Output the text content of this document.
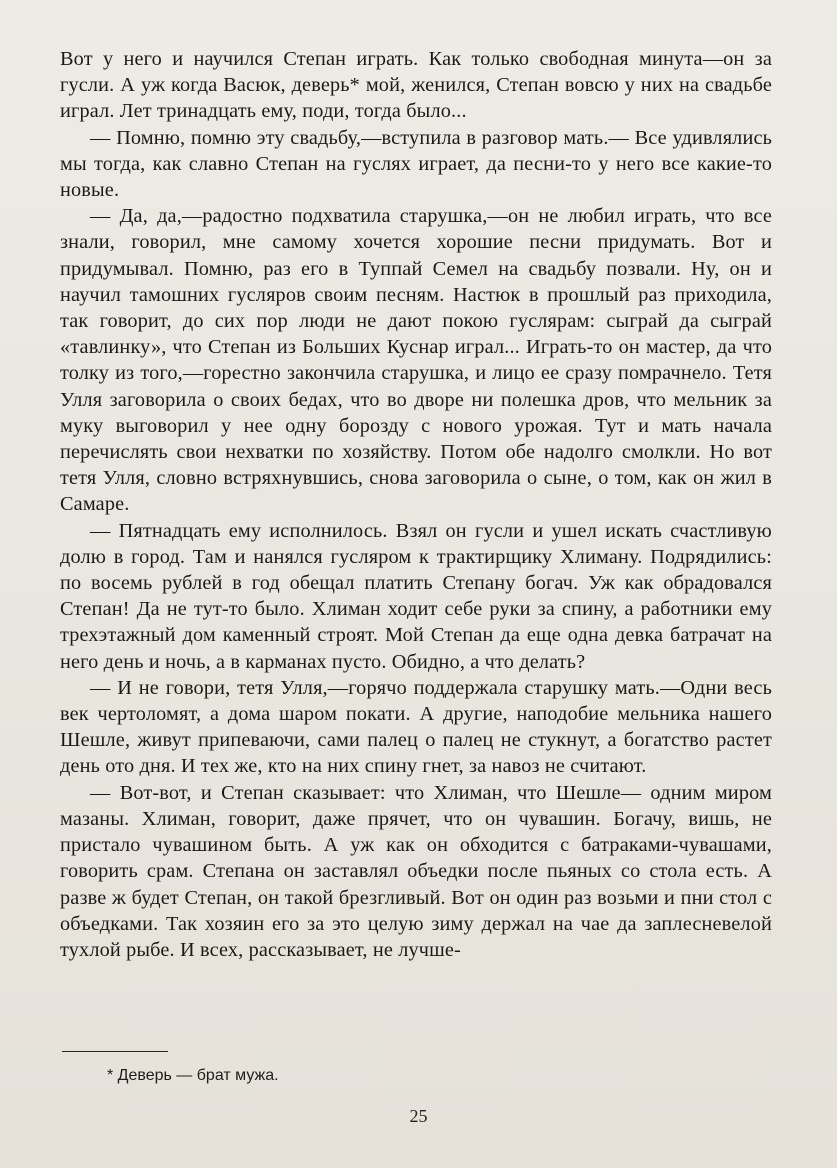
Вот у него и научился Степан играть. Как только свободная минута—он за гусли. А уж когда Васюк, деверь* мой, женился, Степан вовсю у них на свадьбе играл. Лет тринадцать ему, поди, тогда было...

— Помню, помню эту свадьбу,—вступила в разговор мать.— Все удивлялись мы тогда, как славно Степан на гуслях играет, да песни-то у него все какие-то новые.

— Да, да,—радостно подхватила старушка,—он не любил играть, что все знали, говорил, мне самому хочется хорошие песни придумать. Вот и придумывал. Помню, раз его в Туппай Семел на свадьбу позвали. Ну, он и научил тамошних гусляров своим песням. Настюк в прошлый раз приходила, так говорит, до сих пор люди не дают покою гуслярам: сыграй да сыграй «тавлинку», что Степан из Больших Куснар играл... Играть-то он мастер, да что толку из того,—горестно закончила старушка, и лицо ее сразу помрачнело. Тетя Улля заговорила о своих бедах, что во дворе ни полешка дров, что мельник за муку выговорил у нее одну борозду с нового урожая. Тут и мать начала перечислять свои нехватки по хозяйству. Потом обе надолго смолкли. Но вот тетя Улля, словно встряхнувшись, снова заговорила о сыне, о том, как он жил в Самаре.

— Пятнадцать ему исполнилось. Взял он гусли и ушел искать счастливую долю в город. Там и нанялся гусляром к трактирщику Хлиману. Подрядились: по восемь рублей в год обещал платить Степану богач. Уж как обрадовался Степан! Да не тут-то было. Хлиман ходит себе руки за спину, а работники ему трехэтажный дом каменный строят. Мой Степан да еще одна девка батрачат на него день и ночь, а в карманах пусто. Обидно, а что делать?

— И не говори, тетя Улля,—горячо поддержала старушку мать.—Одни весь век чертоломят, а дома шаром покати. А другие, наподобие мельника нашего Шешле, живут припеваючи, сами палец о палец не стукнут, а богатство растет день ото дня. И тех же, кто на них спину гнет, за навоз не считают.

— Вот-вот, и Степан сказывает: что Хлиман, что Шешле— одним миром мазаны. Хлиман, говорит, даже прячет, что он чувашин. Богачу, вишь, не пристало чувашином быть. А уж как он обходится с батраками-чувашами, говорить срам. Степана он заставлял объедки после пьяных со стола есть. А разве ж будет Степан, он такой брезгливый. Вот он один раз возьми и пни стол с объедками. Так хозяин его за это целую зиму держал на чае да заплесневелой тухлой рыбе. И всех, рассказывает, не лучше-

* Деверь — брат мужа.
25
